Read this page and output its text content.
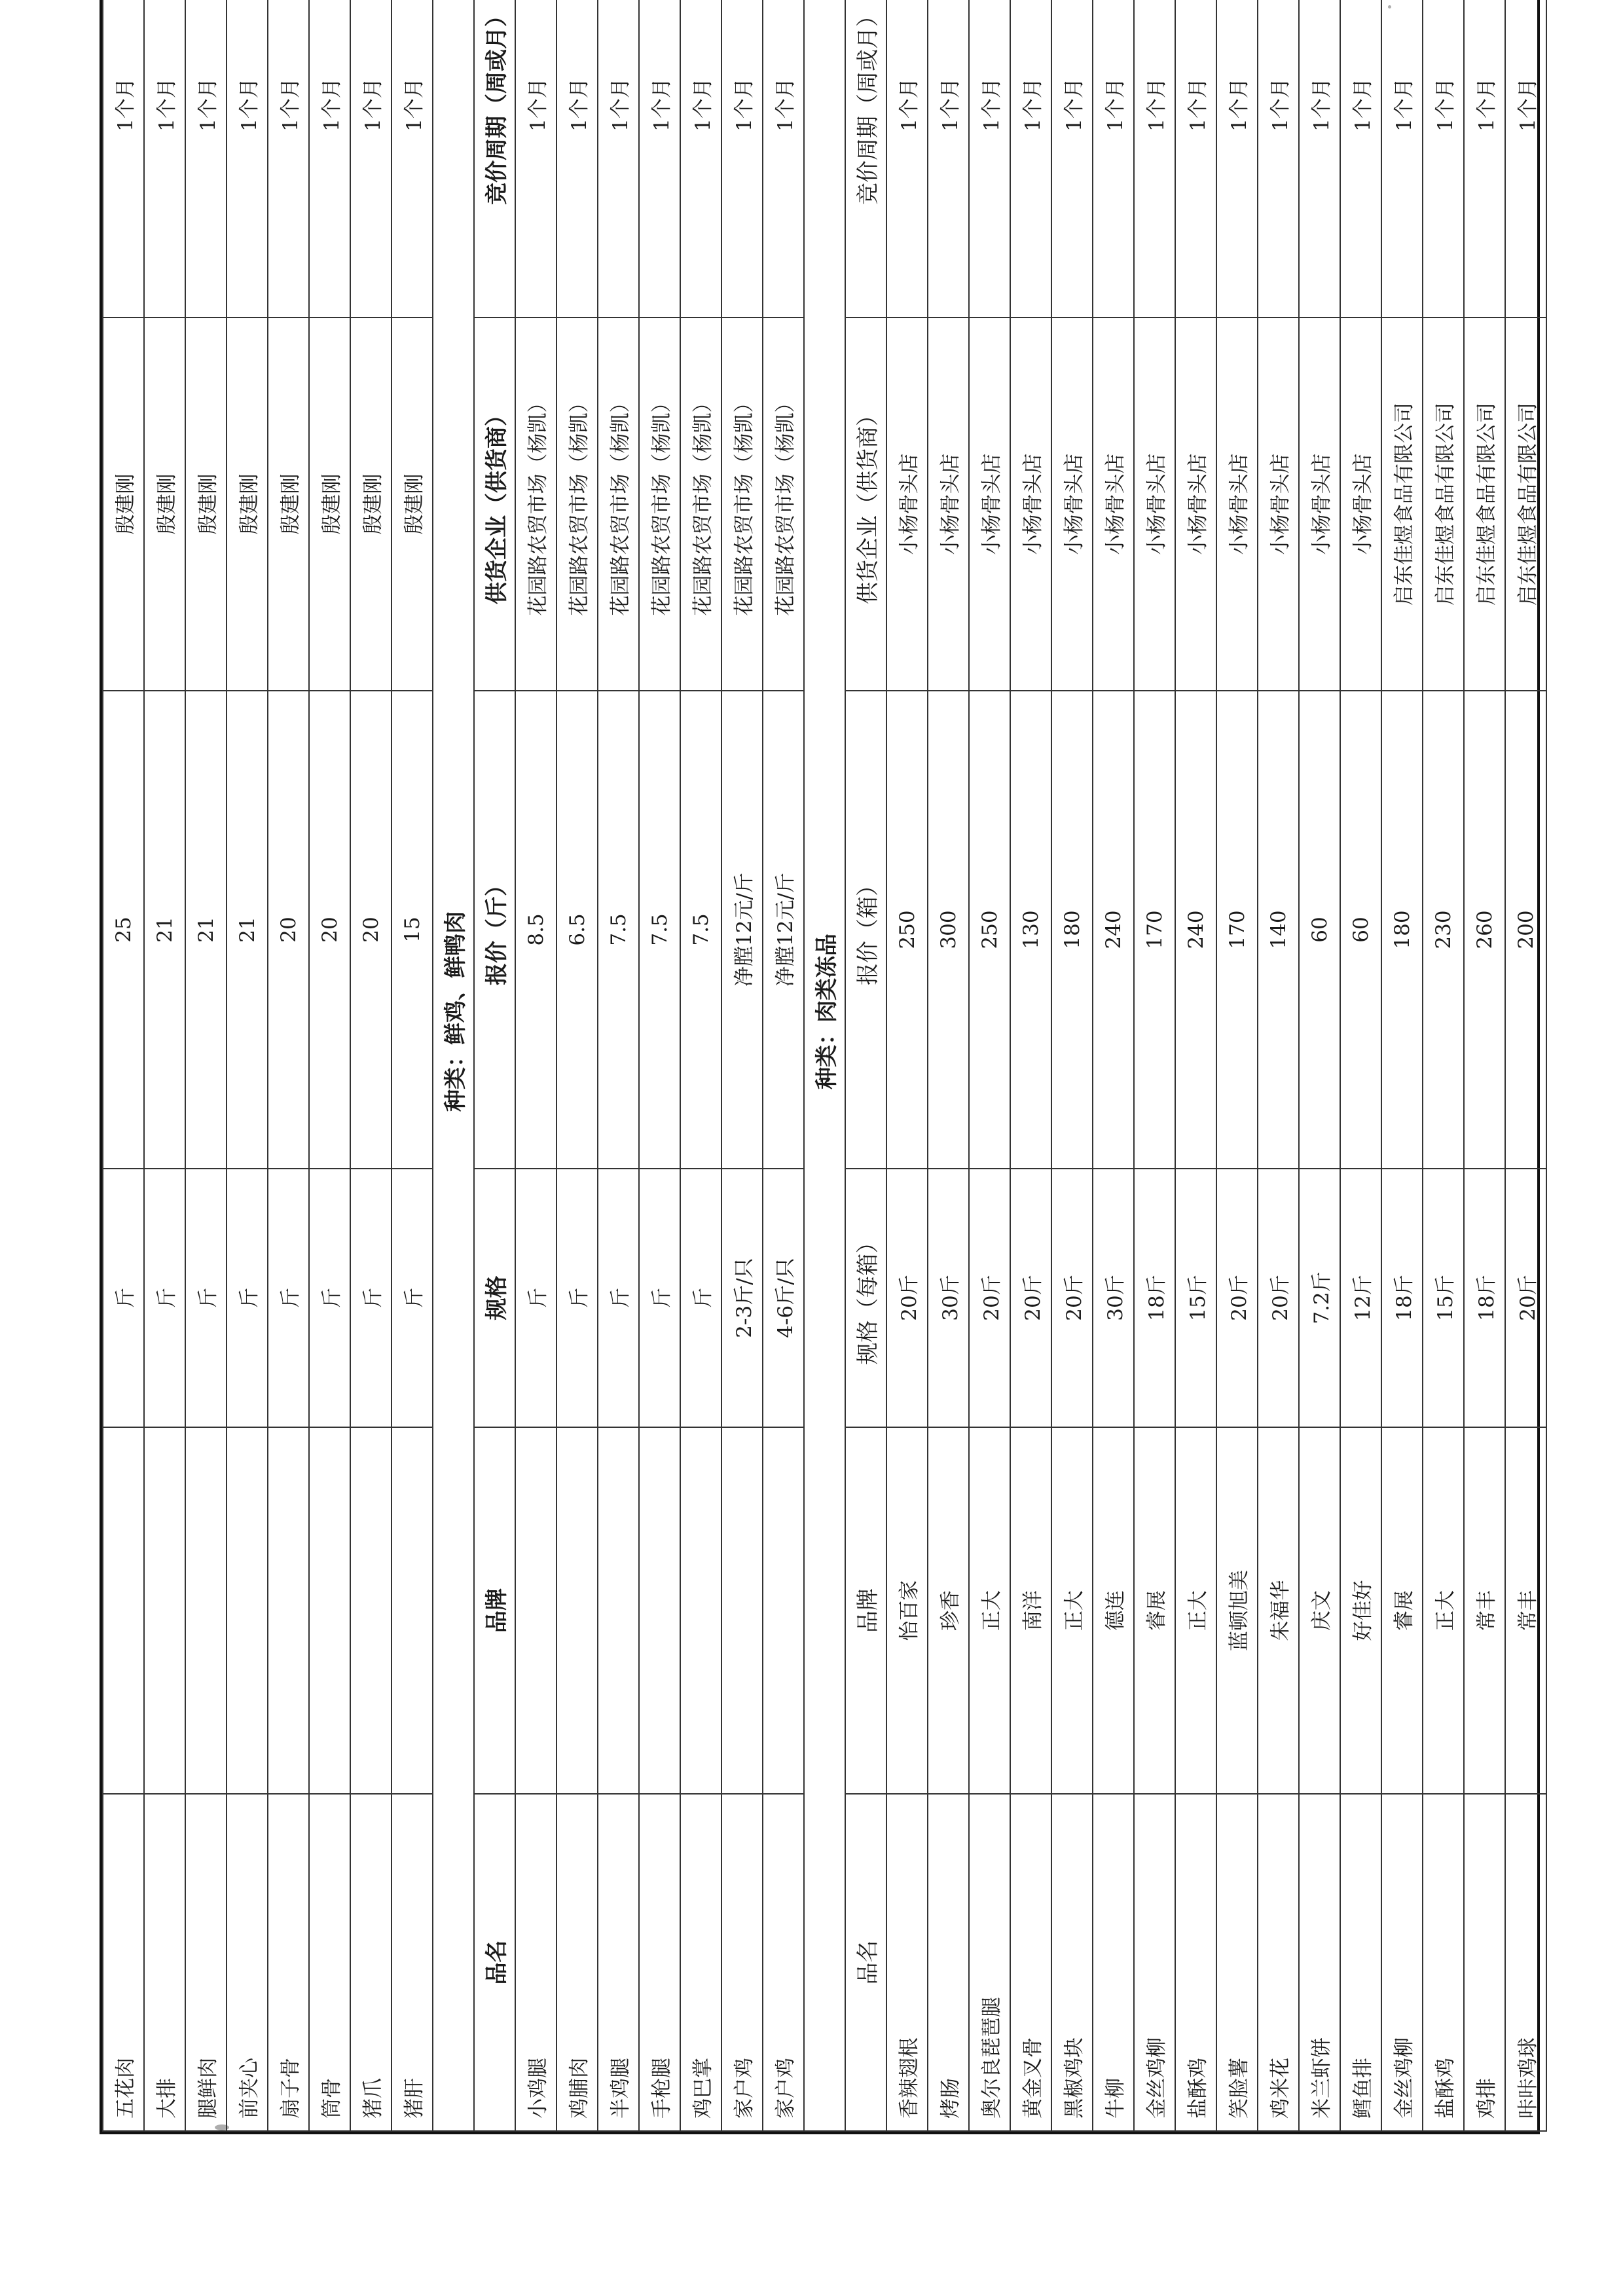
五花肉		斤	25	殷建刚	1个月
大排		斤	21	殷建刚	1个月
腿鲜肉		斤	21	殷建刚	1个月
前夹心		斤	21	殷建刚	1个月
扇子骨		斤	20	殷建刚	1个月
筒骨		斤	20	殷建刚	1个月
猪爪		斤	20	殷建刚	1个月
猪肝		斤	15	殷建刚	1个月
种类：鲜鸡、鲜鸭肉					
品名	品牌	规格	报价（斤）	供货企业（供货商）	竞价周期（周或月）
小鸡腿		斤	8.5	花园路农贸市场（杨凯）	1个月
鸡脯肉		斤	6.5	花园路农贸市场（杨凯）	1个月
半鸡腿		斤	7.5	花园路农贸市场（杨凯）	1个月
手枪腿		斤	7.5	花园路农贸市场（杨凯）	1个月
鸡巴掌		斤	7.5	花园路农贸市场（杨凯）	1个月
家户鸡		2-3斤/只	净膛12元/斤	花园路农贸市场（杨凯）	1个月
家户鸡		4-6斤/只	净膛12元/斤	花园路农贸市场（杨凯）	1个月
种类：肉类冻品					
品名	品牌	规格（每箱）	报价（箱）	供货企业（供货商）	竞价周期（周或月）
香辣翅根	怡百家	20斤	250	小杨骨头店	1个月
烤肠	珍香	30斤	300	小杨骨头店	1个月
奥尔良琵琶腿	正大	20斤	250	小杨骨头店	1个月
黄金叉骨	南洋	20斤	130	小杨骨头店	1个月
黑椒鸡块	正大	20斤	180	小杨骨头店	1个月
牛柳	德连	30斤	240	小杨骨头店	1个月
金丝鸡柳	睿展	18斤	170	小杨骨头店	1个月
盐酥鸡	正大	15斤	240	小杨骨头店	1个月
笑脸薯	蓝顿旭美	20斤	170	小杨骨头店	1个月
鸡米花	朱福华	20斤	140	小杨骨头店	1个月
米兰虾饼	庆文	7.2斤	60	小杨骨头店	1个月
鳕鱼排	好佳好	12斤	60	小杨骨头店	1个月
金丝鸡柳	睿展	18斤	180	启东佳煜食品有限公司	1个月
盐酥鸡	正大	15斤	230	启东佳煜食品有限公司	1个月
鸡排	常丰	18斤	260	启东佳煜食品有限公司	1个月
咔咔鸡球	常丰	20斤	200	启东佳煜食品有限公司	1个月
